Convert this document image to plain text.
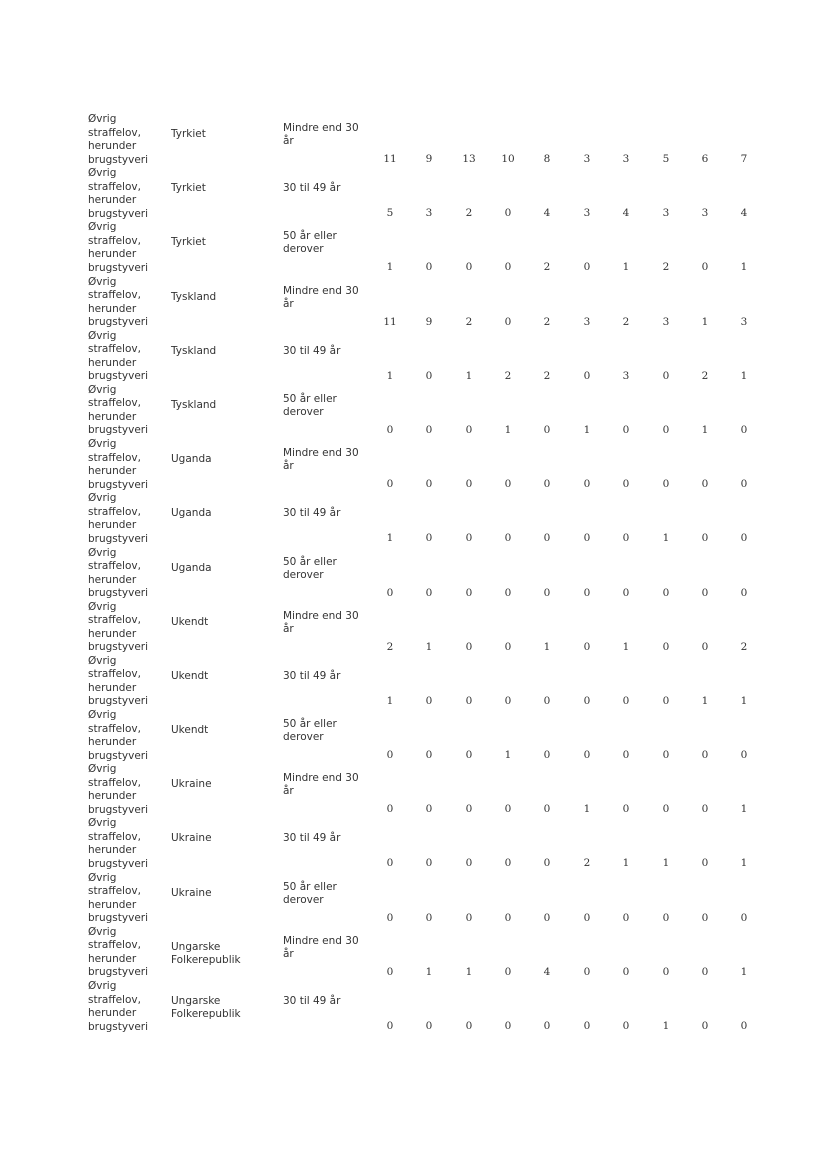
Øvrig
straffelov,
herunder
brugstyveri
Tyrkiet	Mindre end 30 år
11	9	13	10	8	3	3	5	6	7
Øvrig
straffelov,
herunder
brugstyveri
Tyrkiet	30 til 49 år
5	3	2	0	4	3	4	3	3	4
Øvrig
straffelov,
herunder
brugstyveri
Tyrkiet	50 år eller derover
1	0	0	0	2	0	1	2	0	1
Øvrig
straffelov,
herunder
brugstyveri
Tyskland	Mindre end 30 år
11	9	2	0	2	3	2	3	1	3
Øvrig
straffelov,
herunder
brugstyveri
Tyskland	30 til 49 år
1	0	1	2	2	0	3	0	2	1
Øvrig
straffelov,
herunder
brugstyveri
Tyskland	50 år eller derover
0	0	0	1	0	1	0	0	1	0
Øvrig
straffelov,
herunder
brugstyveri
Uganda	Mindre end 30 år
0	0	0	0	0	0	0	0	0	0
Øvrig
straffelov,
herunder
brugstyveri
Uganda	30 til 49 år
1	0	0	0	0	0	0	1	0	0
Øvrig
straffelov,
herunder
brugstyveri
Uganda	50 år eller derover
0	0	0	0	0	0	0	0	0	0
Øvrig
straffelov,
herunder
brugstyveri
Ukendt	Mindre end 30 år
2	1	0	0	1	0	1	0	0	2
Øvrig
straffelov,
herunder
brugstyveri
Ukendt	30 til 49 år
1	0	0	0	0	0	0	0	1	1
Øvrig
straffelov,
herunder
brugstyveri
Ukendt	50 år eller derover
0	0	0	1	0	0	0	0	0	0
Øvrig
straffelov,
herunder
brugstyveri
Ukraine	Mindre end 30 år
0	0	0	0	0	1	0	0	0	1
Øvrig
straffelov,
herunder
brugstyveri
Ukraine	30 til 49 år
0	0	0	0	0	2	1	1	0	1
Øvrig
straffelov,
herunder
brugstyveri
Ukraine	50 år eller derover
0	0	0	0	0	0	0	0	0	0
Øvrig
straffelov,
herunder
brugstyveri
Ungarske Folkerepublik
Mindre end 30 år
0	1	1	0	4	0	0	0	0	1
Øvrig
straffelov,
herunder
brugstyveri
Ungarske Folkerepublik
30 til 49 år
0	0	0	0	0	0	0	1	0	0
